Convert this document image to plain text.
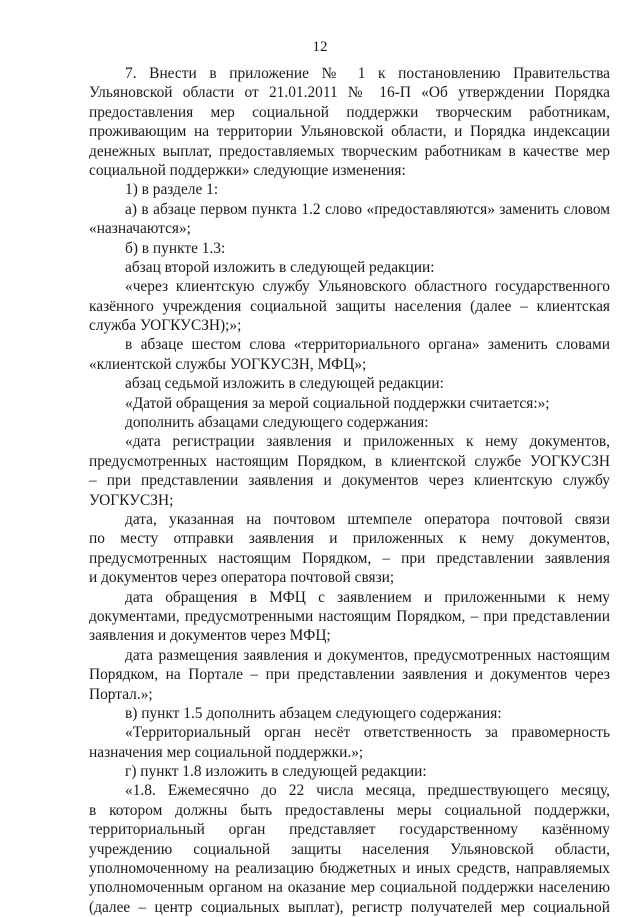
12
7. Внести в приложение № 1 к постановлению Правительства
Ульяновской области от 21.01.2011 № 16-П «Об утверждении Порядка
предоставления мер социальной поддержки творческим работникам,
проживающим на территории Ульяновской области, и Порядка индексации
денежных выплат, предоставляемых творческим работникам в качестве мер
социальной поддержки» следующие изменения:
1) в разделе 1:
а) в абзаце первом пункта 1.2 слово «предоставляются» заменить словом
«назначаются»;
б) в пункте 1.3:
абзац второй изложить в следующей редакции:
«через клиентскую службу Ульяновского областного государственного
казённого учреждения социальной защиты населения (далее – клиентская
служба УОГКУСЗН);»;
в абзаце шестом слова «территориального органа» заменить словами
«клиентской службы УОГКУСЗН, МФЦ»;
абзац седьмой изложить в следующей редакции:
«Датой обращения за мерой социальной поддержки считается:»;
дополнить абзацами следующего содержания:
«дата регистрации заявления и приложенных к нему документов,
предусмотренных настоящим Порядком, в клиентской службе УОГКУСЗН
– при представлении заявления и документов через клиентскую службу
УОГКУСЗН;
дата, указанная на почтовом штемпеле оператора почтовой связи
по месту отправки заявления и приложенных к нему документов,
предусмотренных настоящим Порядком, – при представлении заявления
и документов через оператора почтовой связи;
дата обращения в МФЦ с заявлением и приложенными к нему
документами, предусмотренными настоящим Порядком, – при представлении
заявления и документов через МФЦ;
дата размещения заявления и документов, предусмотренных настоящим
Порядком, на Портале – при представлении заявления и документов через
Портал.»;
в) пункт 1.5 дополнить абзацем следующего содержания:
«Территориальный орган несёт ответственность за правомерность
назначения мер социальной поддержки.»;
г) пункт 1.8 изложить в следующей редакции:
«1.8. Ежемесячно до 22 числа месяца, предшествующего месяцу,
в котором должны быть предоставлены меры социальной поддержки,
территориальный орган представляет государственному казённому
учреждению социальной защиты населения Ульяновской области,
уполномоченному на реализацию бюджетных и иных средств, направляемых
уполномоченным органом на оказание мер социальной поддержки населению
(далее – центр социальных выплат), регистр получателей мер социальной
